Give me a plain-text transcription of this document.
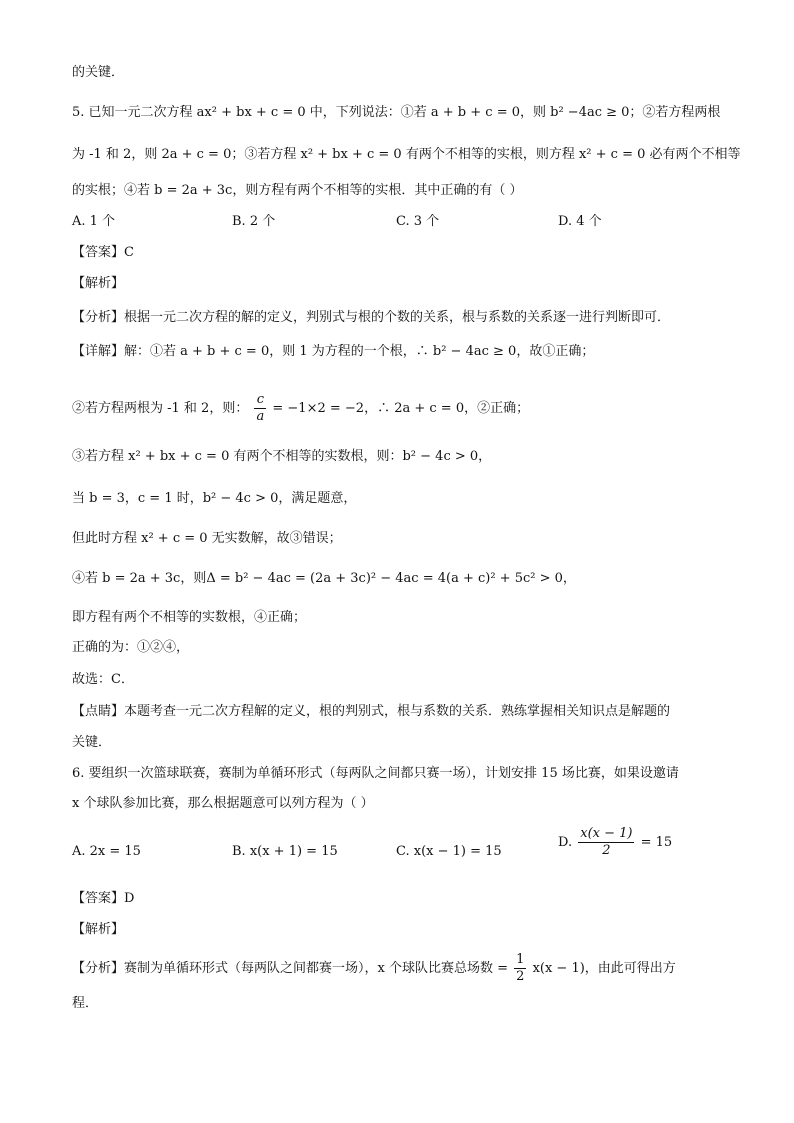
的关键．
5. 已知一元二次方程 ax² + bx + c = 0 中，下列说法：①若 a + b + c = 0，则 b² −4ac ≥ 0；②若方程两根
为 -1 和 2，则 2a + c = 0；③若方程 x² + bx + c = 0 有两个不相等的实根，则方程 x² + c = 0 必有两个不相等
的实根；④若 b = 2a + 3c，则方程有两个不相等的实根．其中正确的有（ ）
A. 1 个	B. 2 个	C. 3 个	D. 4 个
【答案】C
【解析】
【分析】根据一元二次方程的解的定义，判别式与根的个数的关系，根与系数的关系逐一进行判断即可．
【详解】解：①若 a + b + c = 0，则 1 为方程的一个根，∴ b² − 4ac ≥ 0，故①正确；
②若方程两根为 -1 和 2，则： $\frac{c}{a} = -1\times 2 = -2$，∴ 2a + c = 0，②正确；
③若方程 x² + bx + c = 0 有两个不相等的实数根，则：b² − 4c > 0，
当 b = 3，c = 1 时，b² − 4c > 0，满足题意，
但此时方程 x² + c = 0 无实数解，故③错误；
④若 b = 2a + 3c，则Δ = b² − 4ac = (2a + 3c)² − 4ac = 4(a + c)² + 5c² > 0，
即方程有两个不相等的实数根，④正确；
正确的为：①②④，
故选：C．
【点睛】本题考查一元二次方程解的定义，根的判别式，根与系数的关系．熟练掌握相关知识点是解题的
关键．
6. 要组织一次篮球联赛，赛制为单循环形式（每两队之间都只赛一场），计划安排 15 场比赛，如果设邀请
x 个球队参加比赛，那么根据题意可以列方程为（ ）
A. 2x = 15	B. x(x + 1) = 15	C. x(x − 1) = 15
D. $\frac{x(x - 1)}{2} = 15$
【答案】D
【解析】
【分析】赛制为单循环形式（每两队之间都赛一场），x 个球队比赛总场数 = $\frac{1}{2} x(x - 1)$，由此可得出方
程．
